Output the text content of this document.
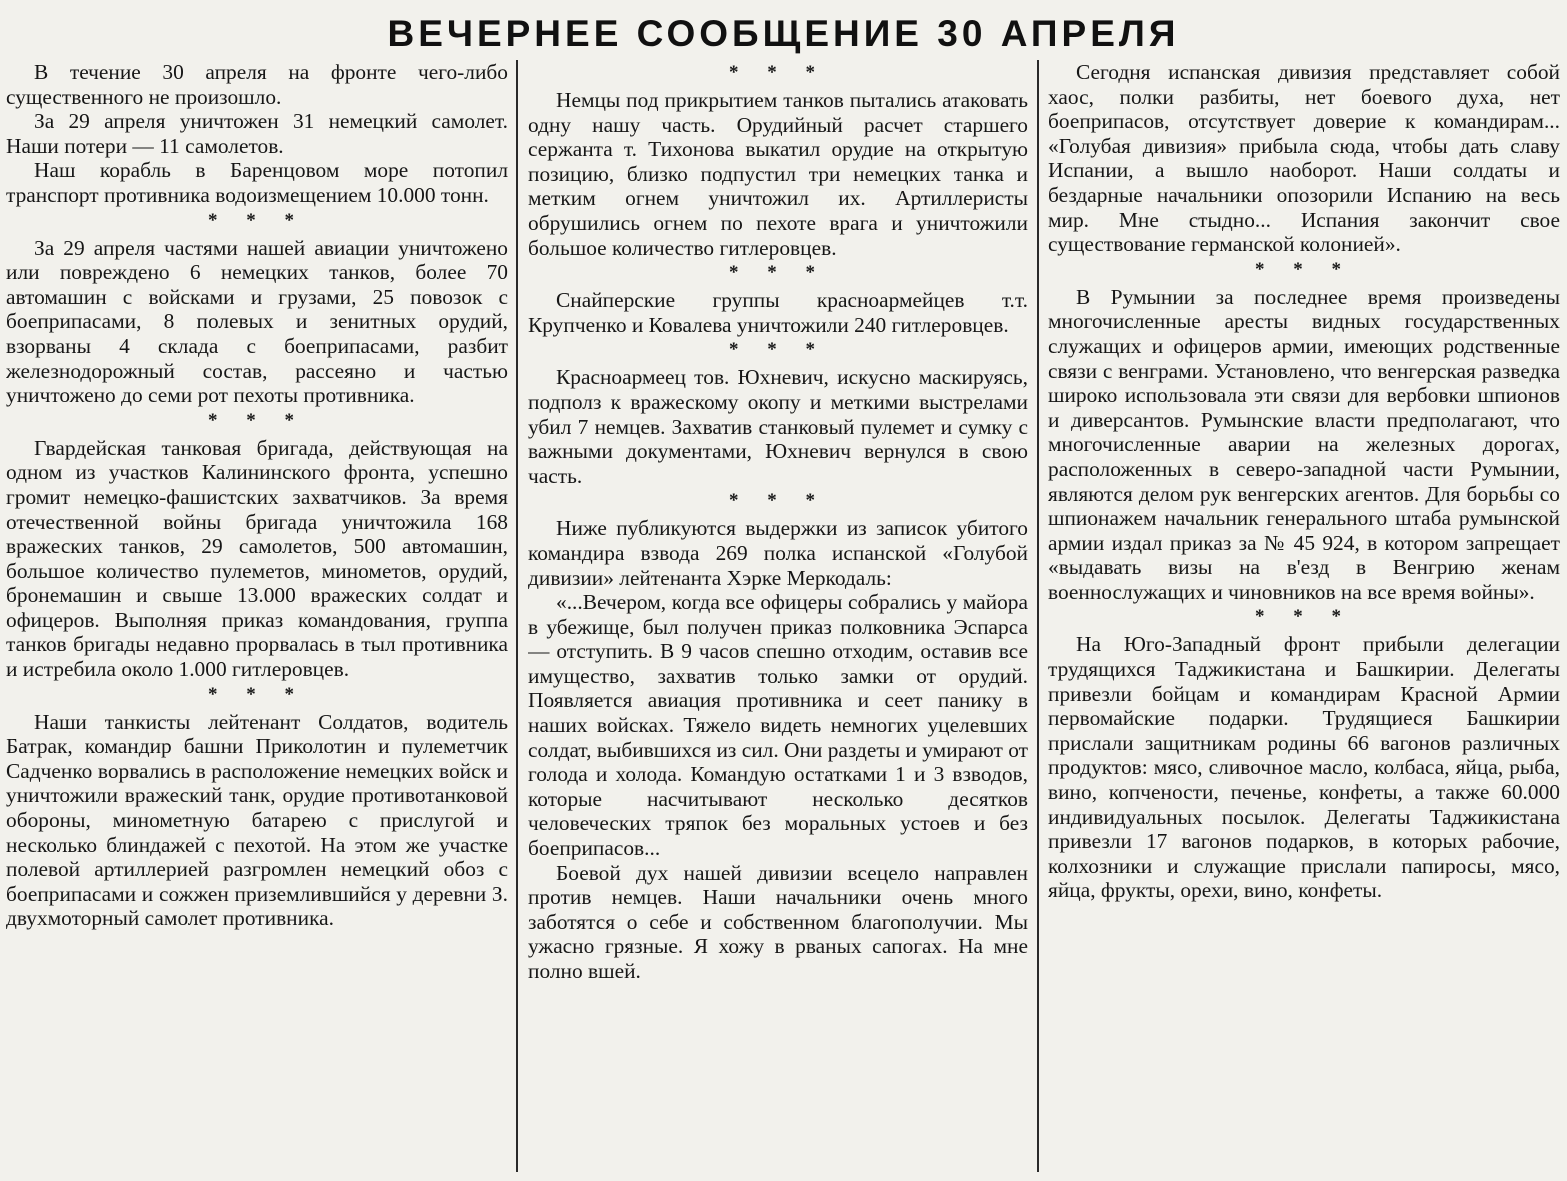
ВЕЧЕРНЕЕ СООБЩЕНИЕ 30 АПРЕЛЯ

В течение 30 апреля на фронте чего-либо существенного не произошло.

За 29 апреля уничтожен 31 немецкий самолет. Наши потери — 11 самолетов.

Наш корабль в Баренцовом море потопил транспорт противника водоизмещением 10.000 тонн.

* * *

За 29 апреля частями нашей авиации уничтожено или повреждено 6 немецких танков, более 70 автомашин с войсками и грузами, 25 повозок с боеприпасами, 8 полевых и зенитных орудий, взорваны 4 склада с боеприпасами, разбит железнодорожный состав, рассеяно и частью уничтожено до семи рот пехоты противника.

* * *

Гвардейская танковая бригада, действующая на одном из участков Калининского фронта, успешно громит немецко-фашистских захватчиков. За время отечественной войны бригада уничтожила 168 вражеских танков, 29 самолетов, 500 автомашин, большое количество пулеметов, минометов, орудий, бронемашин и свыше 13.000 вражеских солдат и офицеров. Выполняя приказ командования, группа танков бригады недавно прорвалась в тыл противника и истребила около 1.000 гитлеровцев.

* * *

Наши танкисты лейтенант Солдатов, водитель Батрак, командир башни Приколотин и пулеметчик Садченко ворвались в расположение немецких войск и уничтожили вражеский танк, орудие противотанковой обороны, минометную батарею с прислугой и несколько блиндажей с пехотой. На этом же участке полевой артиллерией разгромлен немецкий обоз с боеприпасами и сожжен приземлившийся у деревни З. двухмоторный самолет противника.

* * *

Немцы под прикрытием танков пытались атаковать одну нашу часть. Орудийный расчет старшего сержанта т. Тихонова выкатил орудие на открытую позицию, близко подпустил три немецких танка и метким огнем уничтожил их. Артиллеристы обрушились огнем по пехоте врага и уничтожили большое количество гитлеровцев.

* * *

Снайперские группы красноармейцев т.т. Крупченко и Ковалева уничтожили 240 гитлеровцев.

* * *

Красноармеец тов. Юхневич, искусно маскируясь, подполз к вражескому окопу и меткими выстрелами убил 7 немцев. Захватив станковый пулемет и сумку с важными документами, Юхневич вернулся в свою часть.

* * *

Ниже публикуются выдержки из записок убитого командира взвода 269 полка испанской «Голубой дивизии» лейтенанта Хэрке Меркодаль:

«...Вечером, когда все офицеры собрались у майора в убежище, был получен приказ полковника Эспарса — отступить. В 9 часов спешно отходим, оставив все имущество, захватив только замки от орудий. Появляется авиация противника и сеет панику в наших войсках. Тяжело видеть немногих уцелевших солдат, выбившихся из сил. Они раздеты и умирают от голода и холода. Командую остатками 1 и 3 взводов, которые насчитывают несколько десятков человеческих тряпок без моральных устоев и без боеприпасов...

Боевой дух нашей дивизии всецело направлен против немцев. Наши начальники очень много заботятся о себе и собственном благополучии. Мы ужасно грязные. Я хожу в рваных сапогах. На мне полно вшей.

Сегодня испанская дивизия представляет собой хаос, полки разбиты, нет боевого духа, нет боеприпасов, отсутствует доверие к командирам... «Голубая дивизия» прибыла сюда, чтобы дать славу Испании, а вышло наоборот. Наши солдаты и бездарные начальники опозорили Испанию на весь мир. Мне стыдно... Испания закончит свое существование германской колонией».

* * *

В Румынии за последнее время произведены многочисленные аресты видных государственных служащих и офицеров армии, имеющих родственные связи с венграми. Установлено, что венгерская разведка широко использовала эти связи для вербовки шпионов и диверсантов. Румынские власти предполагают, что многочисленные аварии на железных дорогах, расположенных в северо-западной части Румынии, являются делом рук венгерских агентов. Для борьбы со шпионажем начальник генерального штаба румынской армии издал приказ за № 45 924, в котором запрещает «выдавать визы на в'езд в Венгрию женам военнослужащих и чиновников на все время войны».

* * *

На Юго-Западный фронт прибыли делегации трудящихся Таджикистана и Башкирии. Делегаты привезли бойцам и командирам Красной Армии первомайские подарки. Трудящиеся Башкирии прислали защитникам родины 66 вагонов различных продуктов: мясо, сливочное масло, колбаса, яйца, рыба, вино, копчености, печенье, конфеты, а также 60.000 индивидуальных посылок. Делегаты Таджикистана привезли 17 вагонов подарков, в которых рабочие, колхозники и служащие прислали папиросы, мясо, яйца, фрукты, орехи, вино, конфеты.
